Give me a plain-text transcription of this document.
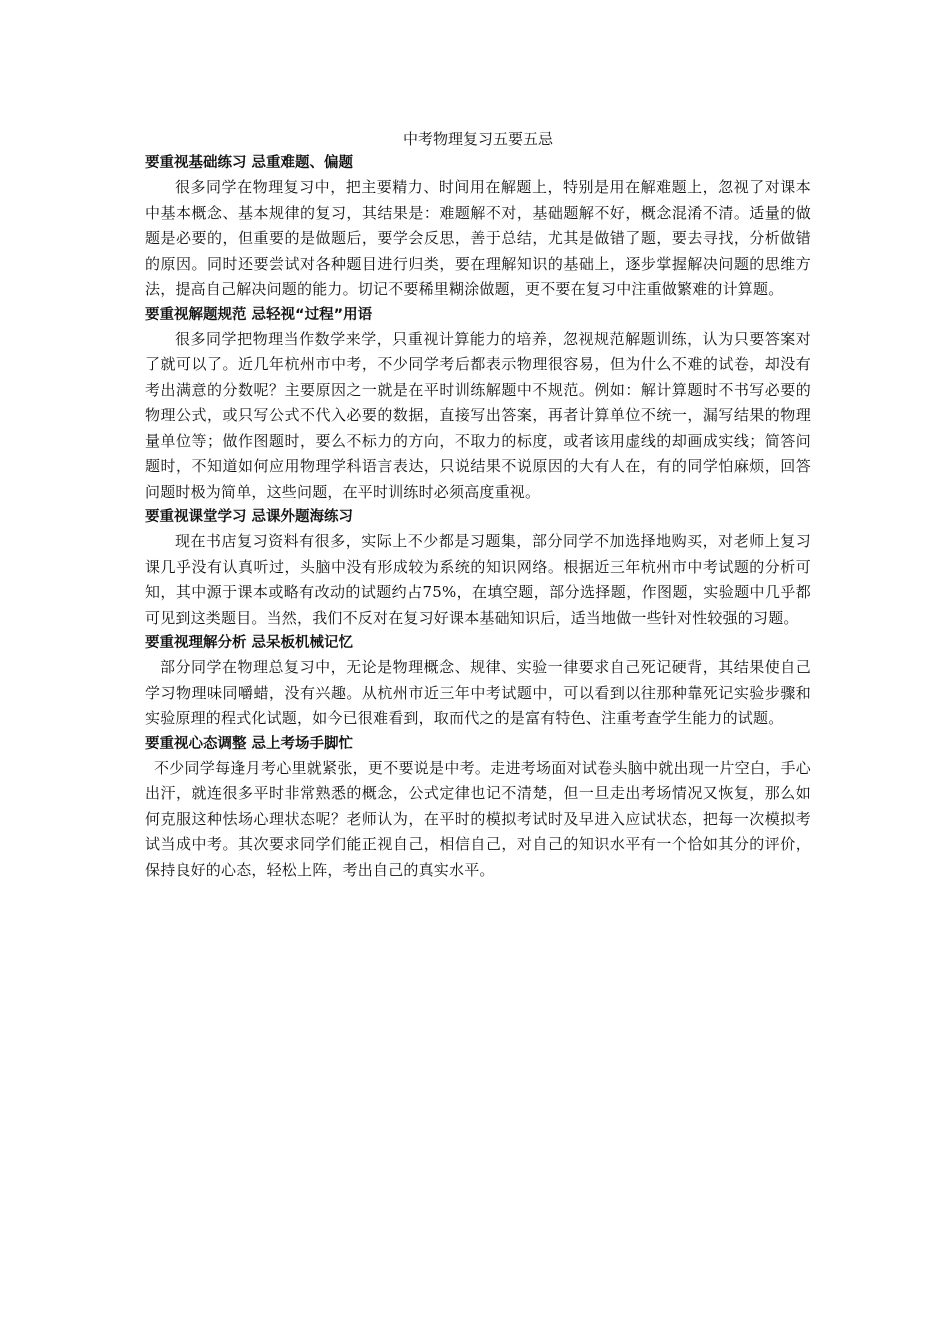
中考物理复习五要五忌

要重视基础练习 忌重难题、偏题

很多同学在物理复习中，把主要精力、时间用在解题上，特别是用在解难题上，忽视了对课本中基本概念、基本规律的复习，其结果是：难题解不对，基础题解不好，概念混淆不清。适量的做题是必要的，但重要的是做题后，要学会反思，善于总结，尤其是做错了题，要去寻找，分析做错的原因。同时还要尝试对各种题目进行归类，要在理解知识的基础上，逐步掌握解决问题的思维方法，提高自己解决问题的能力。切记不要稀里糊涂做题，更不要在复习中注重做繁难的计算题。

要重视解题规范 忌轻视“过程”用语

很多同学把物理当作数学来学，只重视计算能力的培养，忽视规范解题训练，认为只要答案对了就可以了。近几年杭州市中考，不少同学考后都表示物理很容易，但为什么不难的试卷，却没有考出满意的分数呢？主要原因之一就是在平时训练解题中不规范。例如：解计算题时不书写必要的物理公式，或只写公式不代入必要的数据，直接写出答案，再者计算单位不统一，漏写结果的物理量单位等；做作图题时，要么不标力的方向，不取力的标度，或者该用虚线的却画成实线；简答问题时，不知道如何应用物理学科语言表达，只说结果不说原因的大有人在，有的同学怕麻烦，回答问题时极为简单，这些问题，在平时训练时必须高度重视。

要重视课堂学习 忌课外题海练习

现在书店复习资料有很多，实际上不少都是习题集，部分同学不加选择地购买，对老师上复习课几乎没有认真听过，头脑中没有形成较为系统的知识网络。根据近三年杭州市中考试题的分析可知，其中源于课本或略有改动的试题约占75%，在填空题，部分选择题，作图题，实验题中几乎都可见到这类题目。当然，我们不反对在复习好课本基础知识后，适当地做一些针对性较强的习题。

要重视理解分析 忌呆板机械记忆

部分同学在物理总复习中，无论是物理概念、规律、实验一律要求自己死记硬背，其结果使自己学习物理味同嚼蜡，没有兴趣。从杭州市近三年中考试题中，可以看到以往那种靠死记实验步骤和实验原理的程式化试题，如今已很难看到，取而代之的是富有特色、注重考查学生能力的试题。

要重视心态调整 忌上考场手脚忙

不少同学每逢月考心里就紧张，更不要说是中考。走进考场面对试卷头脑中就出现一片空白，手心出汗，就连很多平时非常熟悉的概念，公式定律也记不清楚，但一旦走出考场情况又恢复，那么如何克服这种怯场心理状态呢？老师认为，在平时的模拟考试时及早进入应试状态，把每一次模拟考试当成中考。其次要求同学们能正视自己，相信自己，对自己的知识水平有一个恰如其分的评价，保持良好的心态，轻松上阵，考出自己的真实水平。
